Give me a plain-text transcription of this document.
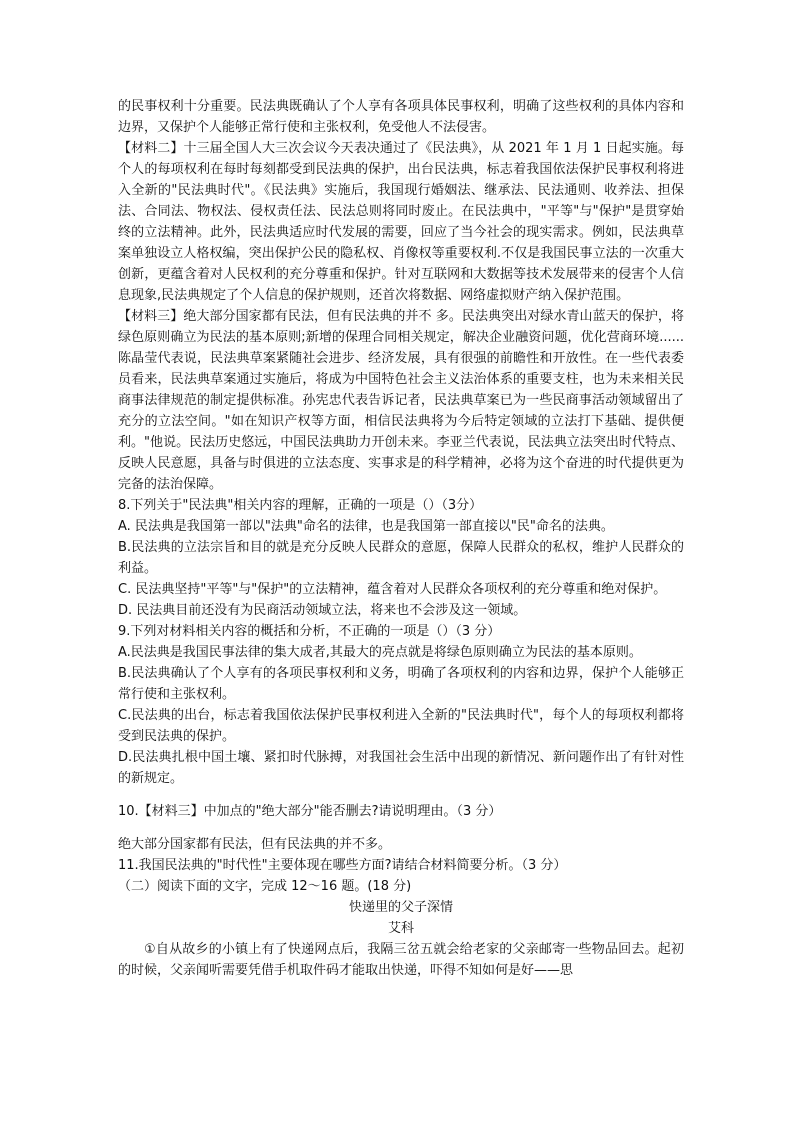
的民事权利十分重要。民法典既确认了个人享有各项具体民事权利，明确了这些权利的具体内容和边界，又保护个人能够正常行使和主张权利，免受他人不法侵害。

【材料二】十三届全国人大三次会议今天表决通过了《民法典》，从 2021 年 1 月 1 日起实施。每个人的每项权利在每时每刻都受到民法典的保护，出台民法典，标志着我国依法保护民事权利将进入全新的"民法典时代"。《民法典》实施后，我国现行婚姻法、继承法、民法通则、收养法、担保法、合同法、物权法、侵权责任法、民法总则将同时废止。在民法典中，"平等"与"保护"是贯穿始终的立法精神。此外，民法典适应时代发展的需要，回应了当今社会的现实需求。例如，民法典草案单独设立人格权编，突出保护公民的隐私权、肖像权等重要权利.不仅是我国民事立法的一次重大创新，更蕴含着对人民权利的充分尊重和保护。针对互联网和大数据等技术发展带来的侵害个人信息现象,民法典规定了个人信息的保护规则，还首次将数据、网络虚拟财产纳入保护范围。

【材料三】绝大部分国家都有民法，但有民法典的并不 多。民法典突出对绿水青山蓝天的保护，将绿色原则确立为民法的基本原则;新增的保理合同相关规定，解决企业融资问题，优化营商环境......陈晶莹代表说，民法典草案紧随社会进步、经济发展，具有很强的前瞻性和开放性。在一些代表委员看来，民法典草案通过实施后，将成为中国特色社会主义法治体系的重要支柱，也为未来相关民商事法律规范的制定提供标准。孙宪忠代表告诉记者，民法典草案已为一些民商事活动领域留出了充分的立法空间。"如在知识产权等方面，相信民法典将为今后特定领域的立法打下基础、提供便利。"他说。民法历史悠远，中国民法典助力开创未来。李亚兰代表说，民法典立法突出时代特点、反映人民意愿，具备与时俱进的立法态度、实事求是的科学精神，必将为这个奋进的时代提供更为完备的法治保障。

8.下列关于"民法典"相关内容的理解，正确的一项是（）（3分）

A. 民法典是我国第一部以"法典"命名的法律，也是我国第一部直接以"民"命名的法典。

B.民法典的立法宗旨和目的就是充分反映人民群众的意愿，保障人民群众的私权，维护人民群众的利益。

C. 民法典坚持"平等"与"保护"的立法精神，蕴含着对人民群众各项权利的充分尊重和绝对保护。

D. 民法典目前还没有为民商活动领域立法，将来也不会涉及这一领域。

9.下列对材料相关内容的概括和分析，不正确的一项是（）（3 分）

A.民法典是我国民事法律的集大成者,其最大的亮点就是将绿色原则确立为民法的基本原则。

B.民法典确认了个人享有的各项民事权利和义务，明确了各项权利的内容和边界，保护个人能够正常行使和主张权利。

C.民法典的出台，标志着我国依法保护民事权利进入全新的"民法典时代"，每个人的每项权利都将受到民法典的保护。

D.民法典扎根中国土壤、紧扣时代脉搏，对我国社会生活中出现的新情况、新问题作出了有针对性的新规定。

10.【材料三】中加点的"绝大部分"能否删去?请说明理由。（3 分）

绝大部分国家都有民法，但有民法典的并不多。

11.我国民法典的"时代性"主要体现在哪些方面?请结合材料简要分析。（3 分）

（二）阅读下面的文字，完成 12～16 题。(18 分)

快递里的父子深情

艾科

①自从故乡的小镇上有了快递网点后，我隔三岔五就会给老家的父亲邮寄一些物品回去。起初的时候，父亲闻听需要凭借手机取件码才能取出快递，吓得不知如何是好——思
